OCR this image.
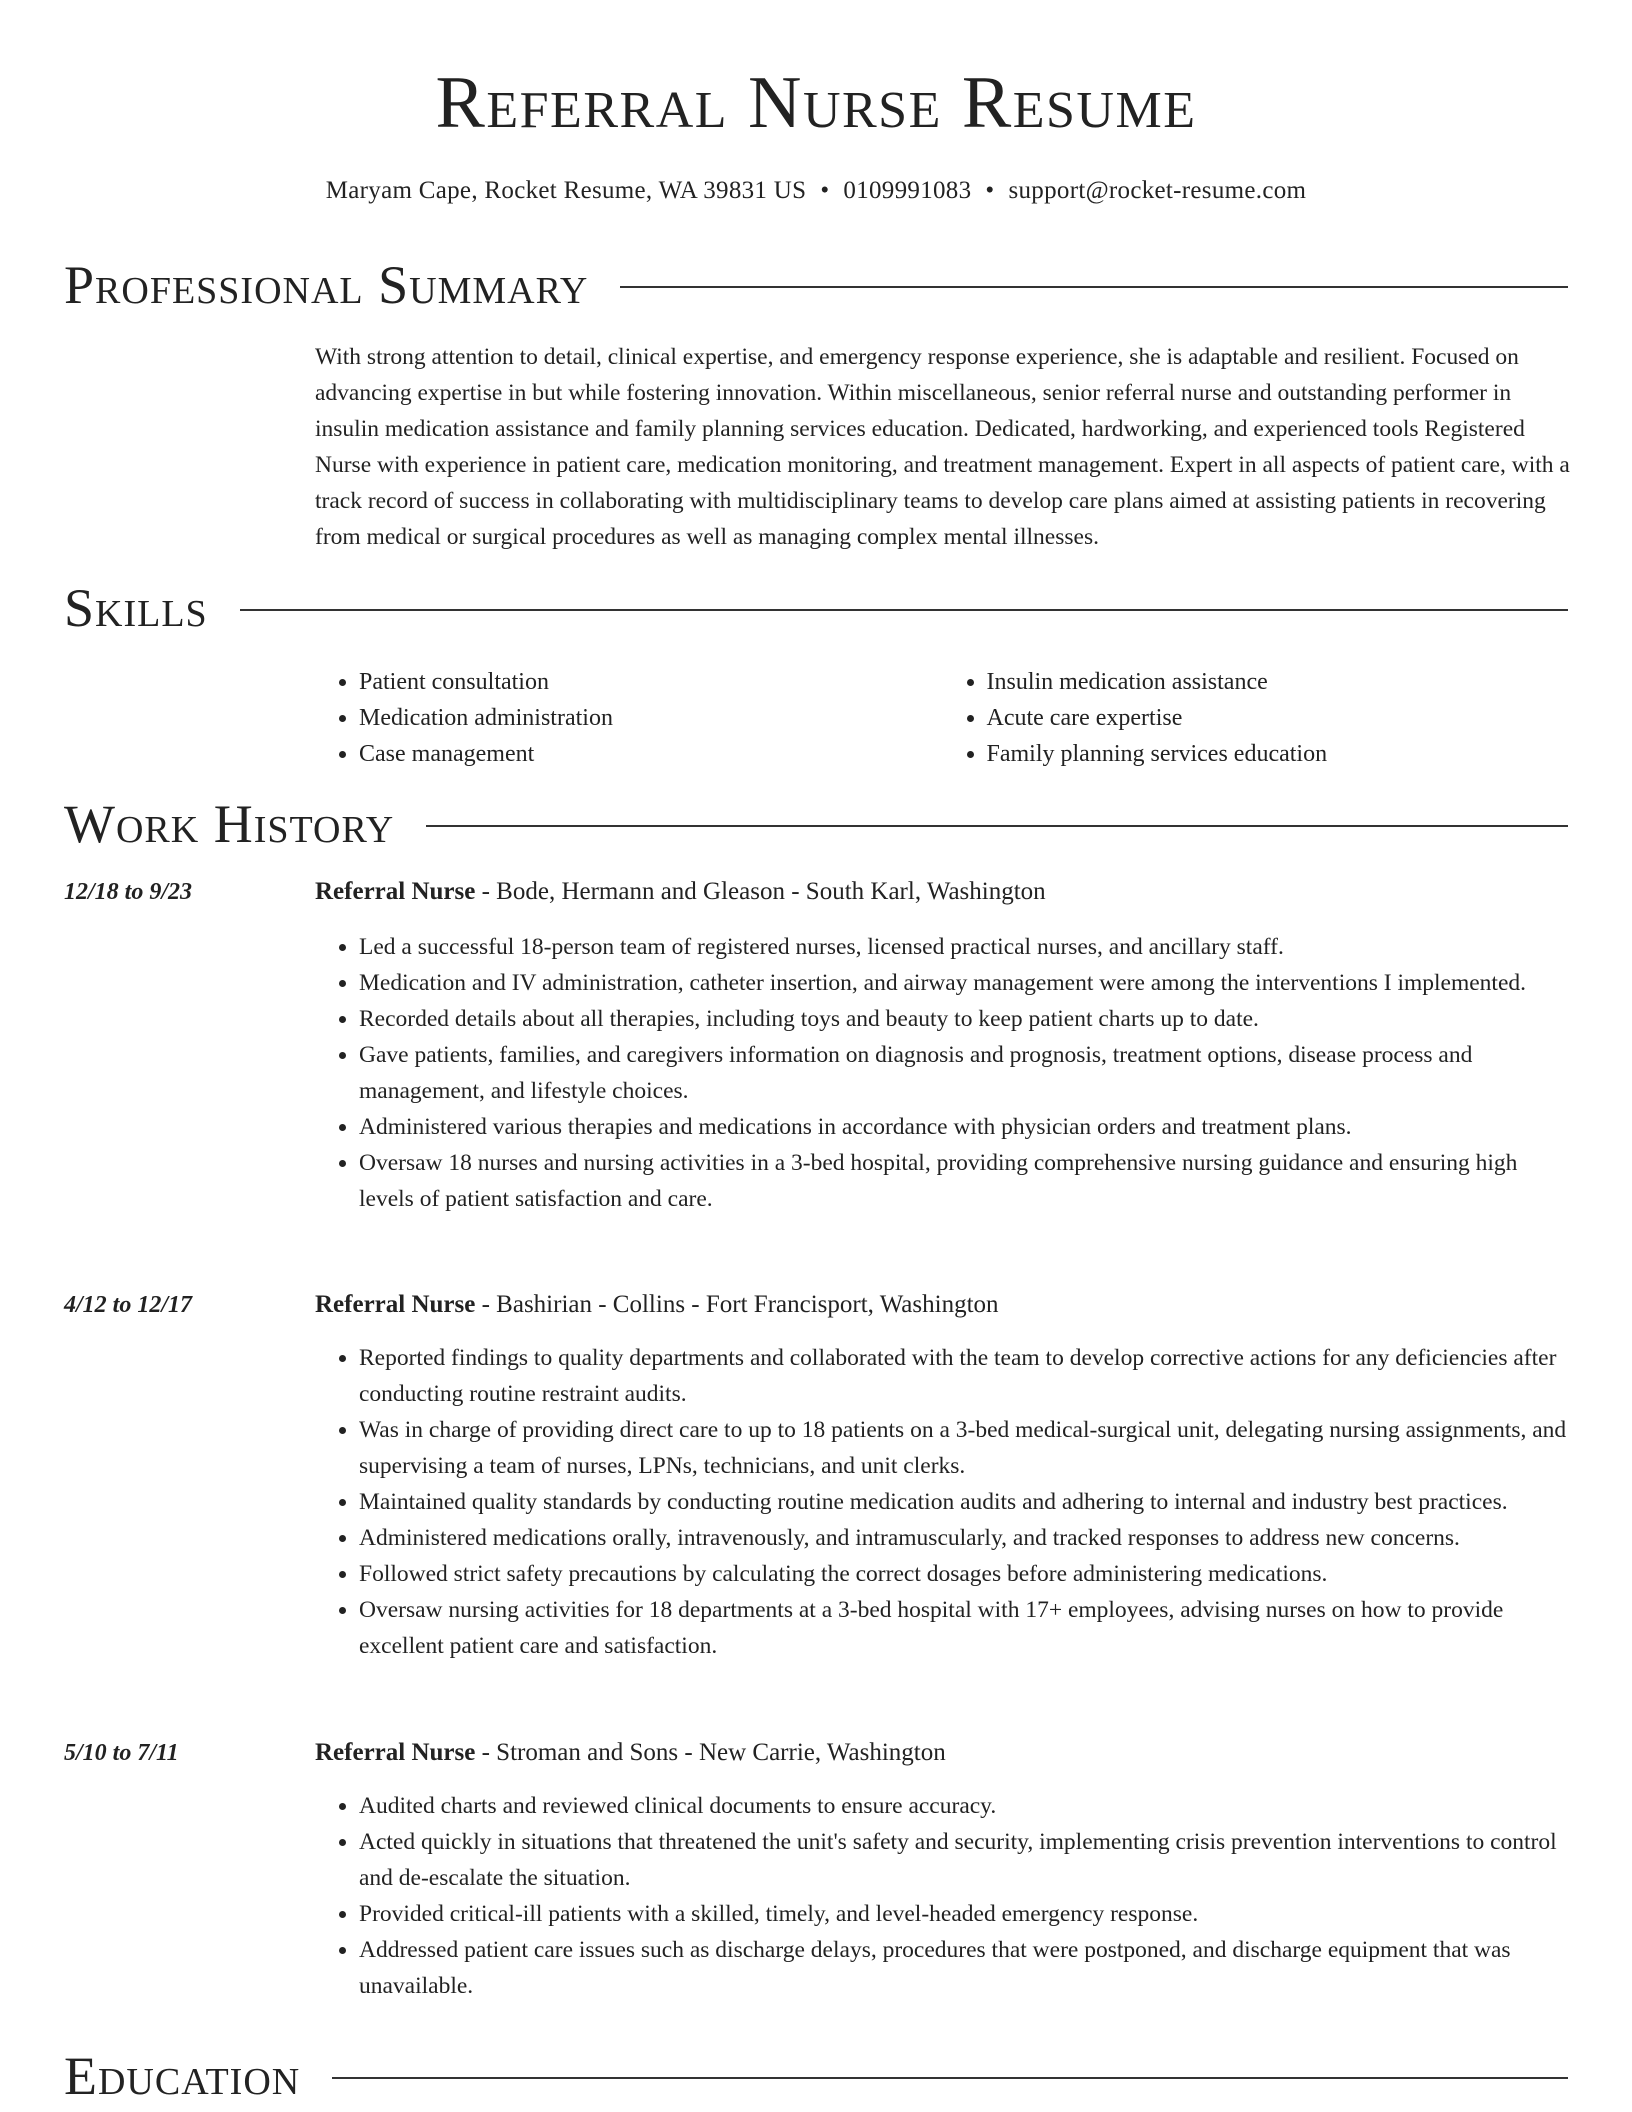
Referral Nurse Resume
Maryam Cape, Rocket Resume, WA 39831 US • 0109991083 • support@rocket-resume.com
Professional Summary

With strong attention to detail, clinical expertise, and emergency response experience, she is adaptable and resilient. Focused on advancing expertise in but while fostering innovation. Within miscellaneous, senior referral nurse and outstanding performer in insulin medication assistance and family planning services education. Dedicated, hardworking, and experienced tools Registered Nurse with experience in patient care, medication monitoring, and treatment management. Expert in all aspects of patient care, with a track record of success in collaborating with multidisciplinary teams to develop care plans aimed at assisting patients in recovering from medical or surgical procedures as well as managing complex mental illnesses.

Skills
• Patient consultation
• Medication administration
• Case management
• Insulin medication assistance
• Acute care expertise
• Family planning services education
Work History
12/18 to 9/23	Referral Nurse - Bode, Hermann and Gleason - South Karl, Washington
• Led a successful 18-person team of registered nurses, licensed practical nurses, and ancillary staff.
• Medication and IV administration, catheter insertion, and airway management were among the interventions I implemented.
• Recorded details about all therapies, including toys and beauty to keep patient charts up to date.
• Gave patients, families, and caregivers information on diagnosis and prognosis, treatment options, disease process and management, and lifestyle choices.
• Administered various therapies and medications in accordance with physician orders and treatment plans.
• Oversaw 18 nurses and nursing activities in a 3-bed hospital, providing comprehensive nursing guidance and ensuring high levels of patient satisfaction and care.
4/12 to 12/17	Referral Nurse - Bashirian - Collins - Fort Francisport, Washington
• Reported findings to quality departments and collaborated with the team to develop corrective actions for any deficiencies after conducting routine restraint audits.
• Was in charge of providing direct care to up to 18 patients on a 3-bed medical-surgical unit, delegating nursing assignments, and supervising a team of nurses, LPNs, technicians, and unit clerks.
• Maintained quality standards by conducting routine medication audits and adhering to internal and industry best practices.
• Administered medications orally, intravenously, and intramuscularly, and tracked responses to address new concerns.
• Followed strict safety precautions by calculating the correct dosages before administering medications.
• Oversaw nursing activities for 18 departments at a 3-bed hospital with 17+ employees, advising nurses on how to provide excellent patient care and satisfaction.
5/10 to 7/11	Referral Nurse - Stroman and Sons - New Carrie, Washington
• Audited charts and reviewed clinical documents to ensure accuracy.
• Acted quickly in situations that threatened the unit's safety and security, implementing crisis prevention interventions to control and de-escalate the situation.
• Provided critical-ill patients with a skilled, timely, and level-headed emergency response.
• Addressed patient care issues such as discharge delays, procedures that were postponed, and discharge equipment that was unavailable.
Education
